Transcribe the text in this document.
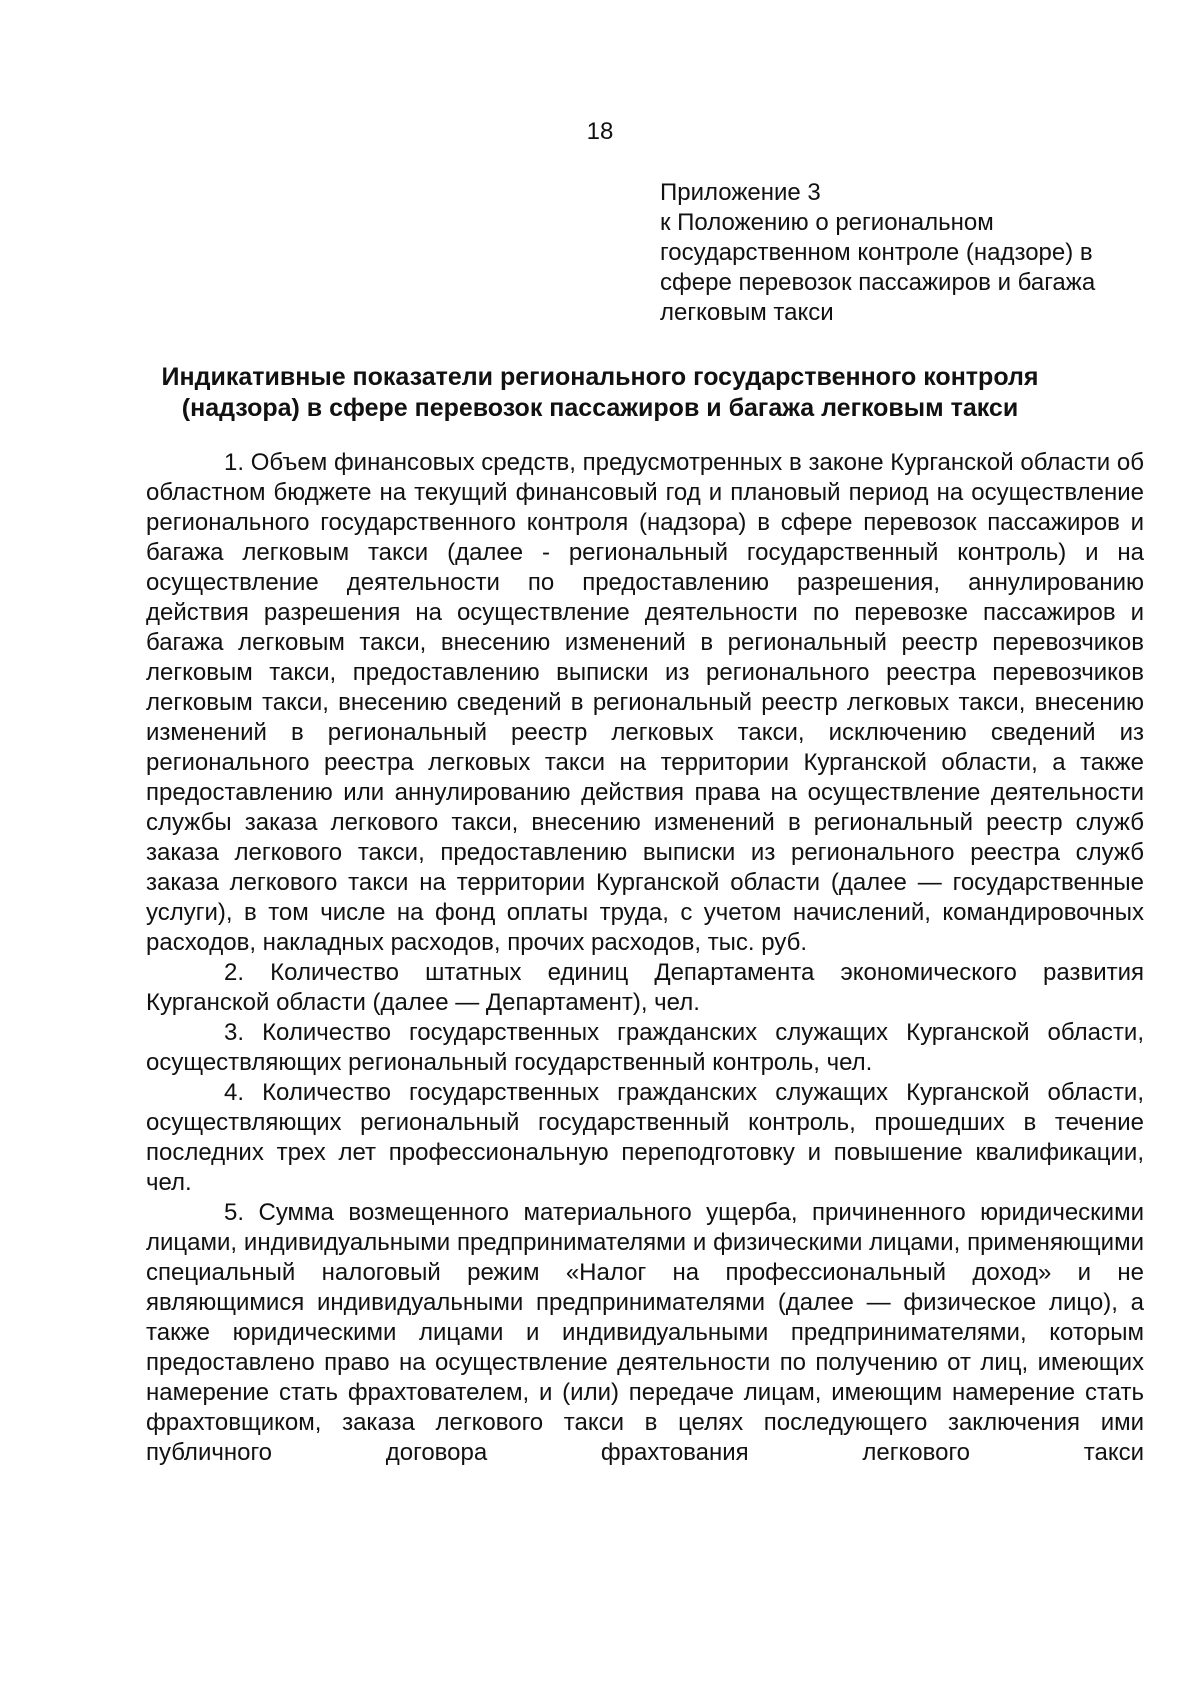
18
Приложение 3
к Положению о региональном
государственном контроле (надзоре) в
сфере перевозок пассажиров и багажа
легковым такси
Индикативные показатели регионального государственного контроля
(надзора) в сфере перевозок пассажиров и багажа легковым такси

1. Объем финансовых средств, предусмотренных в законе Курганской области об областном бюджете на текущий финансовый год и плановый период на осуществление регионального государственного контроля (надзора) в сфере перевозок пассажиров и багажа легковым такси (далее - региональный государственный контроль) и на осуществление деятельности по предоставлению разрешения, аннулированию действия разрешения на осуществление деятельности по перевозке пассажиров и багажа легковым такси, внесению изменений в региональный реестр перевозчиков легковым такси, предоставлению выписки из регионального реестра перевозчиков легковым такси, внесению сведений в региональный реестр легковых такси, внесению изменений в региональный реестр легковых такси, исключению сведений из регионального реестра легковых такси на территории Курганской области, а также предоставлению или аннулированию действия права на осуществление деятельности службы заказа легкового такси, внесению изменений в региональный реестр служб заказа легкового такси, предоставлению выписки из регионального реестра служб заказа легкового такси на территории Курганской области (далее — государственные услуги), в том числе на фонд оплаты труда, с учетом начислений, командировочных расходов, накладных расходов, прочих расходов, тыс. руб.

2. Количество штатных единиц Департамента экономического развития Курганской области (далее — Департамент), чел.

3. Количество государственных гражданских служащих Курганской области, осуществляющих региональный государственный контроль, чел.

4. Количество государственных гражданских служащих Курганской области, осуществляющих региональный государственный контроль, прошедших в течение последних трех лет профессиональную переподготовку и повышение квалификации, чел.

5. Сумма возмещенного материального ущерба, причиненного юридическими лицами, индивидуальными предпринимателями и физическими лицами, применяющими специальный налоговый режим «Налог на профессиональный доход» и не являющимися индивидуальными предпринимателями (далее — физическое лицо), а также юридическими лицами и индивидуальными предпринимателями, которым предоставлено право на осуществление деятельности по получению от лиц, имеющих намерение стать фрахтователем, и (или) передаче лицам, имеющим намерение стать фрахтовщиком, заказа легкового такси в целях последующего заключения ими публичного договора фрахтования легкового такси
